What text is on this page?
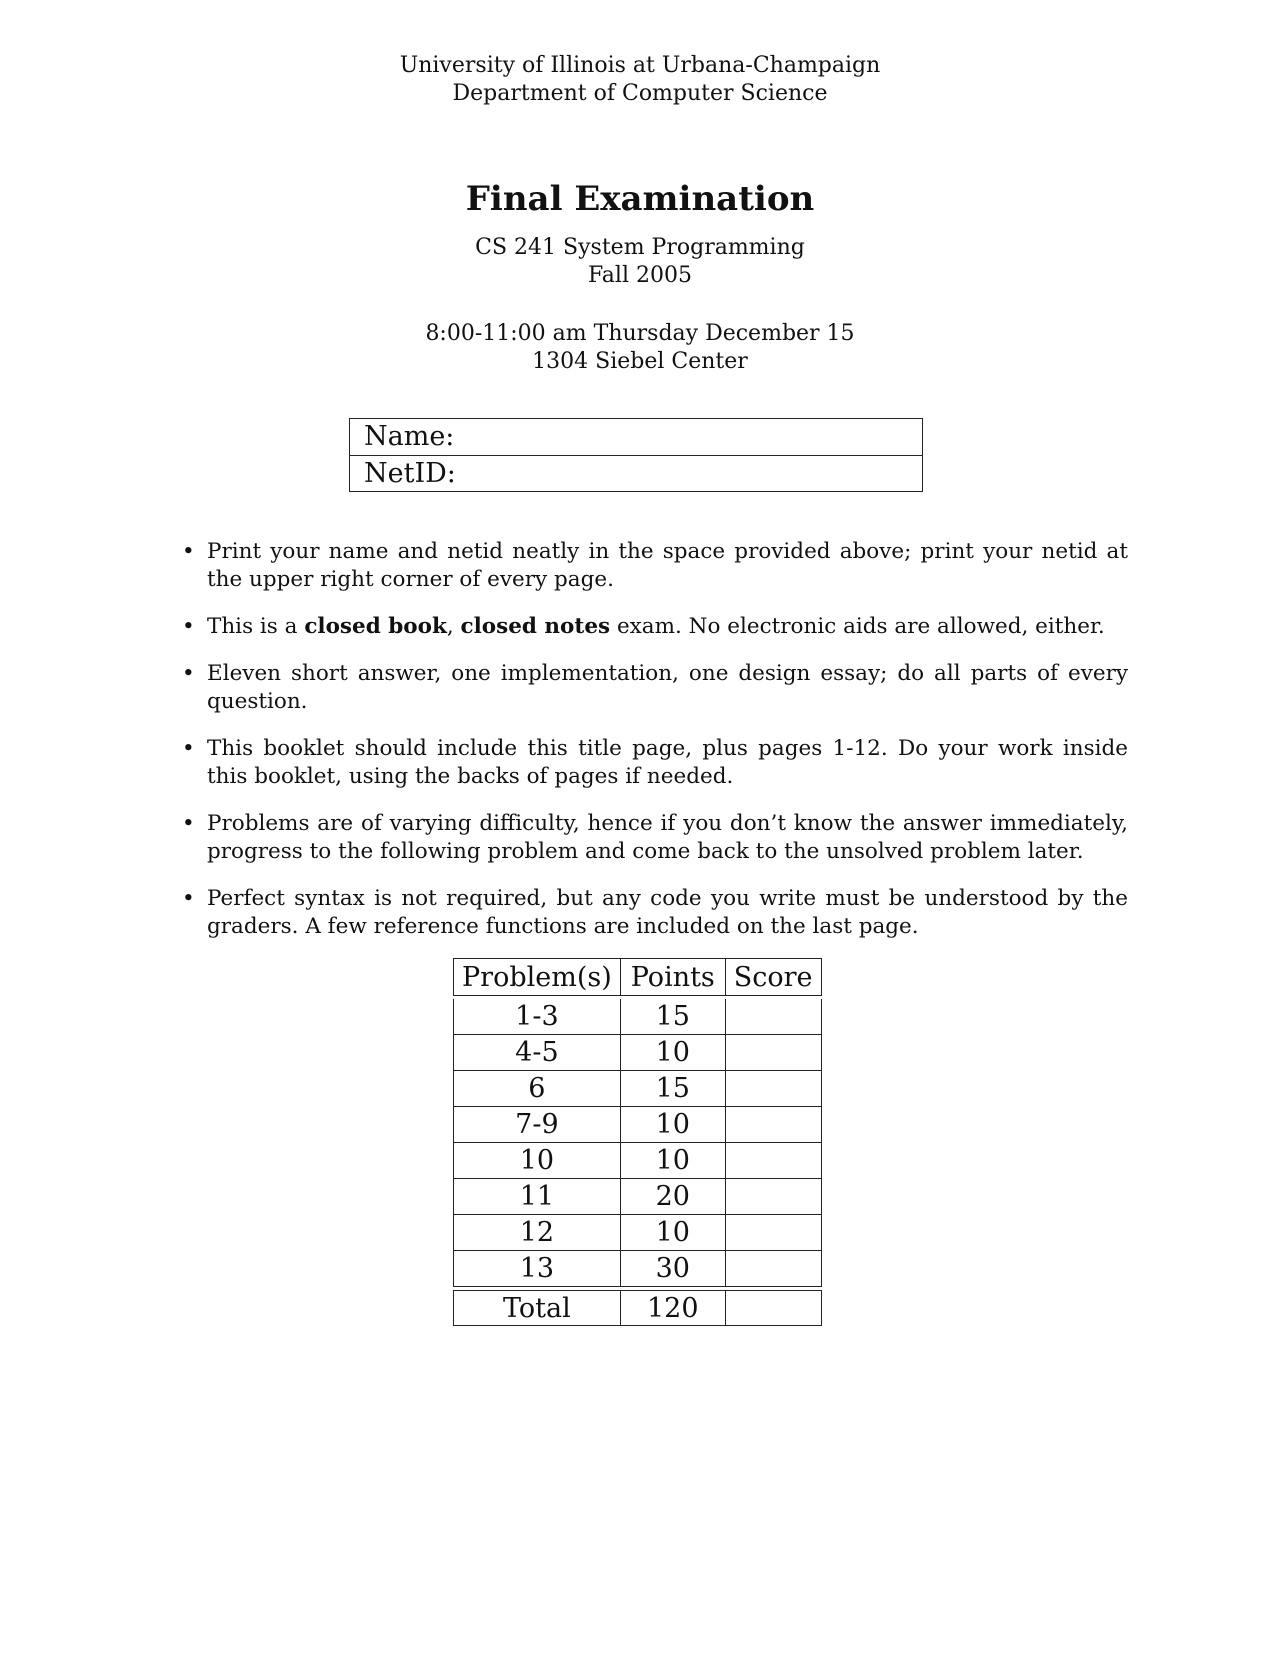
University of Illinois at Urbana-Champaign
Department of Computer Science
Final Examination
CS 241 System Programming
Fall 2005
8:00-11:00 am Thursday December 15
1304 Siebel Center
Name:
NetID:
• Print your name and netid neatly in the space provided above; print your netid at the upper right corner of every page.
• This is a closed book, closed notes exam. No electronic aids are allowed, either.
• Eleven short answer, one implementation, one design essay; do all parts of every question.
• This booklet should include this title page, plus pages 1-12. Do your work inside this booklet, using the backs of pages if needed.
• Problems are of varying difficulty, hence if you don’t know the answer immediately, progress to the following problem and come back to the unsolved problem later.
• Perfect syntax is not required, but any code you write must be understood by the graders. A few reference functions are included on the last page.
Problem(s)	Points	Score

1-3	15	
4-5	10	
6	15	
7-9	10	
10	10	
11	20	
12	10	
13	30	

Total	120	
